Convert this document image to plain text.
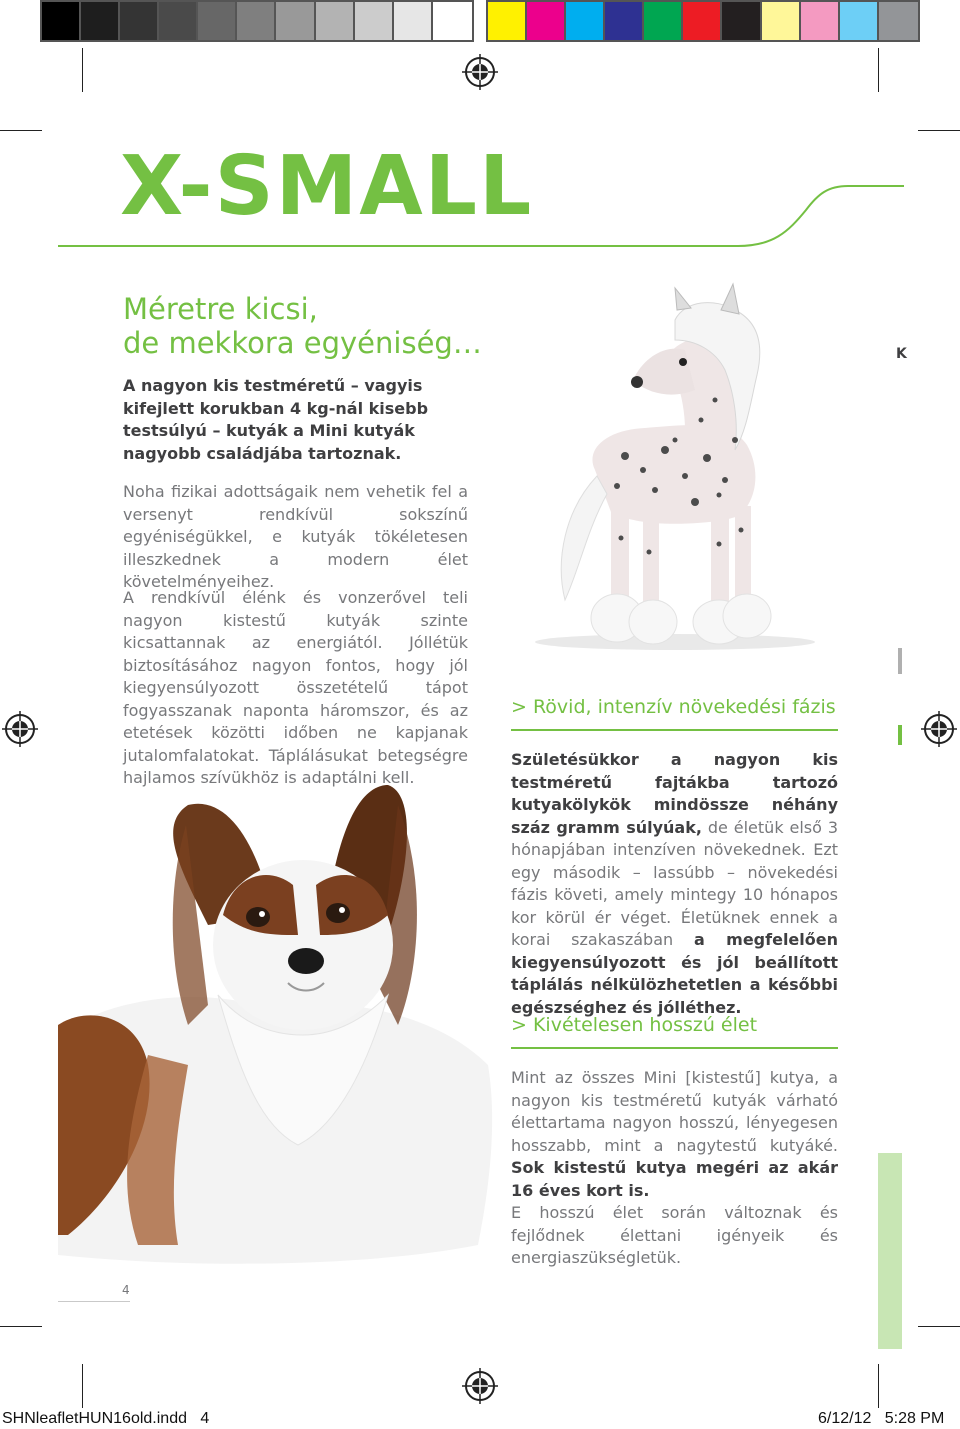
X-SMALL
Méretre kicsi,
de mekkora egyéniség…

A nagyon kis testméretű – vagyis kifejlett korukban 4 kg-nál kisebb testsúlyú – kutyák a Mini kutyák nagyobb családjába tartoznak.

Noha fizikai adottságaik nem vehetik fel a versenyt rendkívül sokszínű egyéniségükkel, e kutyák tökéletesen illeszkednek a modern élet követelményeihez.

A rendkívül élénk és vonzerővel teli nagyon kistestű kutyák szinte kicsattannak az energiától. Jóllétük biztosításához nagyon fontos, hogy jól kiegyensúlyozott összetételű tápot fogyasszanak naponta háromszor, és az etetések közötti időben ne kapjanak jutalomfalatokat. Táplálásukat betegségre hajlamos szívükhöz is adaptálni kell.

> Rövid, intenzív növekedési fázis

Születésükkor a nagyon kis testméretű fajtákba tartozó kutyakölykök mindössze néhány száz gramm súlyúak, de életük első 3 hónapjában intenzíven növekednek. Ezt egy második – lassúbb – növekedési fázis követi, amely mintegy 10 hónapos kor körül ér véget. Életüknek ennek a korai szakaszában a megfelelően kiegyensúlyozott és jól beállított táplálás nélkülözhetetlen a későbbi egészséghez és jólléthez.

> Kivételesen hosszú élet

Mint az összes Mini [kistestű] kutya, a nagyon kis testméretű kutyák várható élettartama nagyon hosszú, lényegesen hosszabb, mint a nagytestű kutyáké. Sok kistestű kutya megéri az akár 16 éves kort is.

E hosszú élet során változnak és fejlődnek élettani igényeik és energiaszükségletük.

K
4
SHNleafletHUN16old.indd   4	6/12/12   5:28 PM
